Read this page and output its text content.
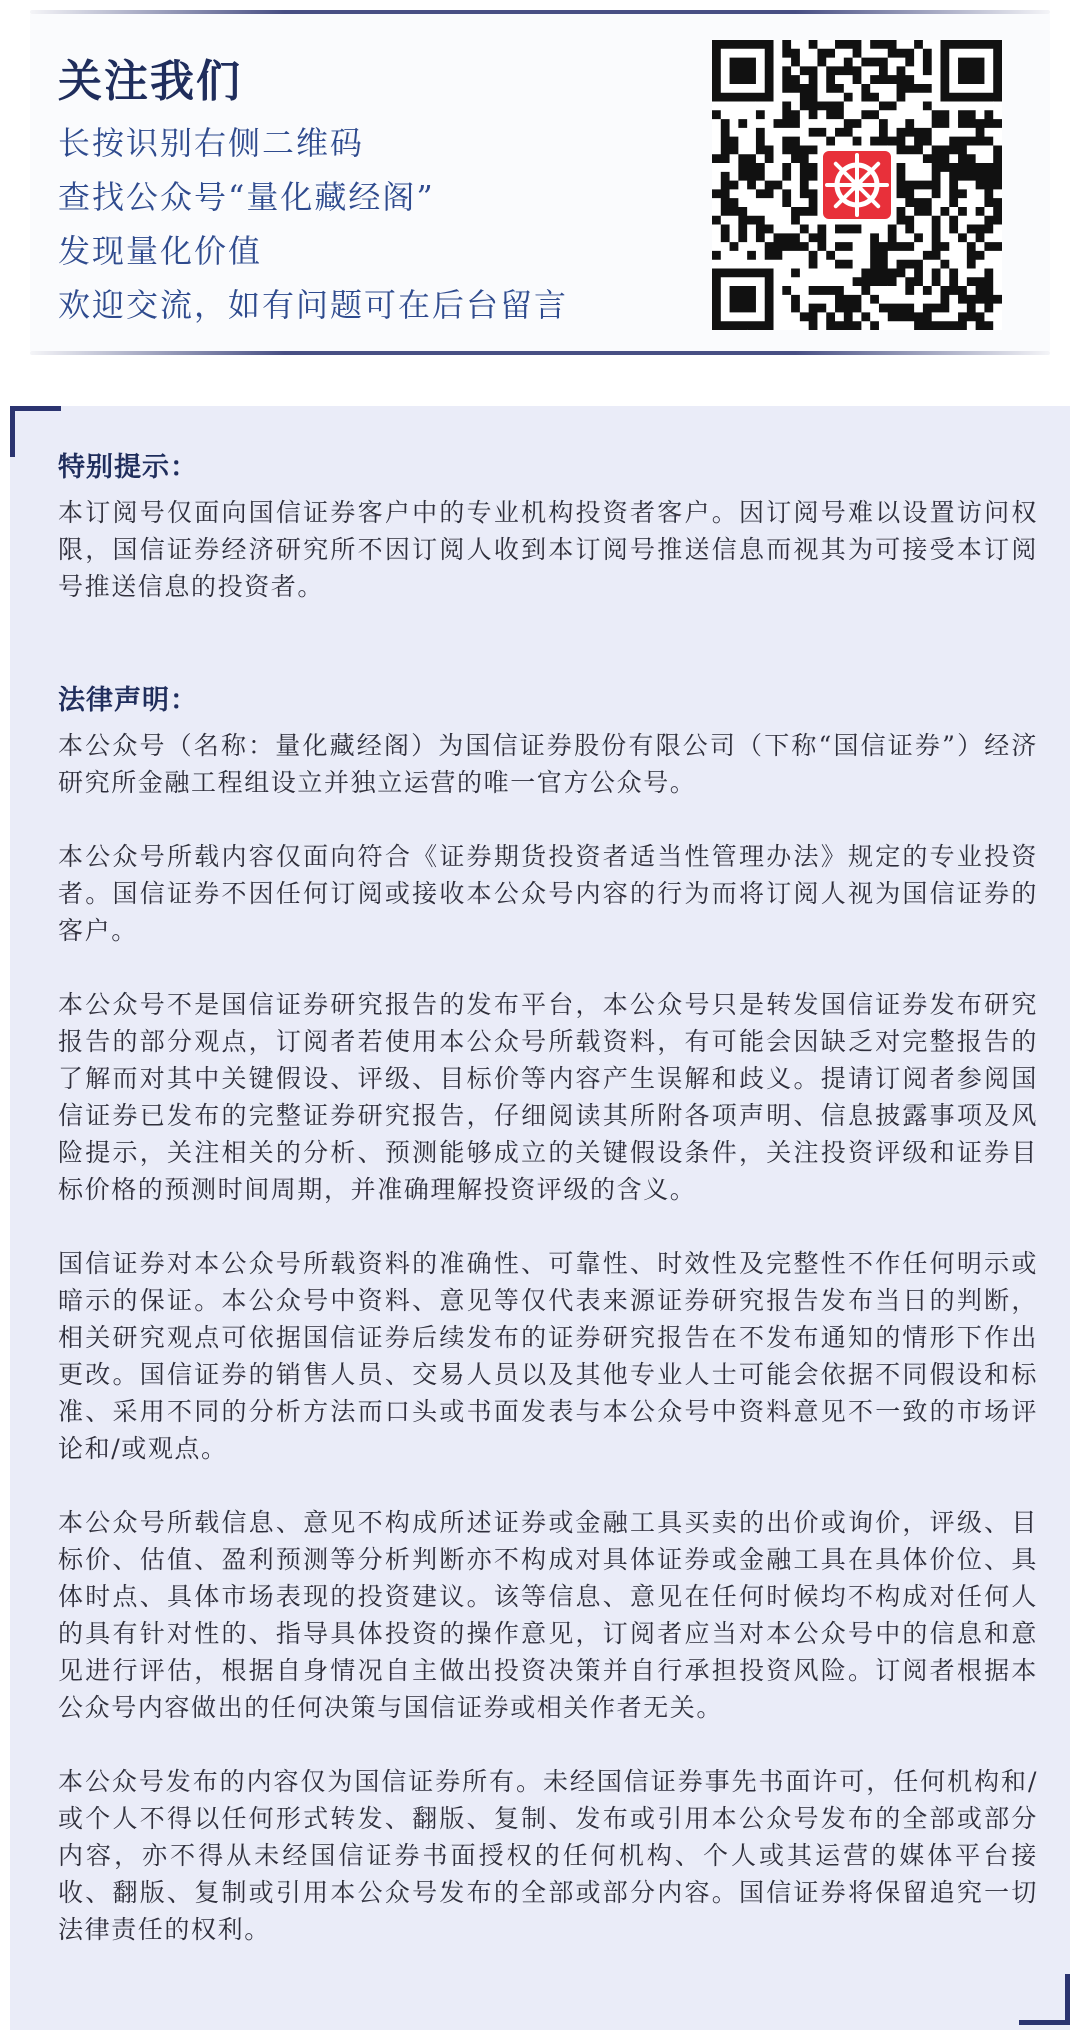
关注我们
长按识别右侧二维码
查找公众号“量化藏经阁”
发现量化价值
欢迎交流，如有问题可在后台留言
特别提示：

本订阅号仅面向国信证券客户中的专业机构投资者客户。因订阅号难以设置访问权限，国信证券经济研究所不因订阅人收到本订阅号推送信息而视其为可接受本订阅号推送信息的投资者。

法律声明：

本公众号（名称：量化藏经阁）为国信证券股份有限公司（下称“国信证券”）经济研究所金融工程组设立并独立运营的唯一官方公众号。

本公众号所载内容仅面向符合《证券期货投资者适当性管理办法》规定的专业投资者。国信证券不因任何订阅或接收本公众号内容的行为而将订阅人视为国信证券的客户。

本公众号不是国信证券研究报告的发布平台，本公众号只是转发国信证券发布研究报告的部分观点，订阅者若使用本公众号所载资料，有可能会因缺乏对完整报告的了解而对其中关键假设、评级、目标价等内容产生误解和歧义。提请订阅者参阅国信证券已发布的完整证券研究报告，仔细阅读其所附各项声明、信息披露事项及风险提示，关注相关的分析、预测能够成立的关键假设条件，关注投资评级和证券目标价格的预测时间周期，并准确理解投资评级的含义。

国信证券对本公众号所载资料的准确性、可靠性、时效性及完整性不作任何明示或暗示的保证。本公众号中资料、意见等仅代表来源证券研究报告发布当日的判断，相关研究观点可依据国信证券后续发布的证券研究报告在不发布通知的情形下作出更改。国信证券的销售人员、交易人员以及其他专业人士可能会依据不同假设和标准、采用不同的分析方法而口头或书面发表与本公众号中资料意见不一致的市场评论和/或观点。

本公众号所载信息、意见不构成所述证券或金融工具买卖的出价或询价，评级、目标价、估值、盈利预测等分析判断亦不构成对具体证券或金融工具在具体价位、具体时点、具体市场表现的投资建议。该等信息、意见在任何时候均不构成对任何人的具有针对性的、指导具体投资的操作意见，订阅者应当对本公众号中的信息和意见进行评估，根据自身情况自主做出投资决策并自行承担投资风险。订阅者根据本公众号内容做出的任何决策与国信证券或相关作者无关。

本公众号发布的内容仅为国信证券所有。未经国信证券事先书面许可，任何机构和/或个人不得以任何形式转发、翻版、复制、发布或引用本公众号发布的全部或部分内容，亦不得从未经国信证券书面授权的任何机构、个人或其运营的媒体平台接收、翻版、复制或引用本公众号发布的全部或部分内容。国信证券将保留追究一切法律责任的权利。
